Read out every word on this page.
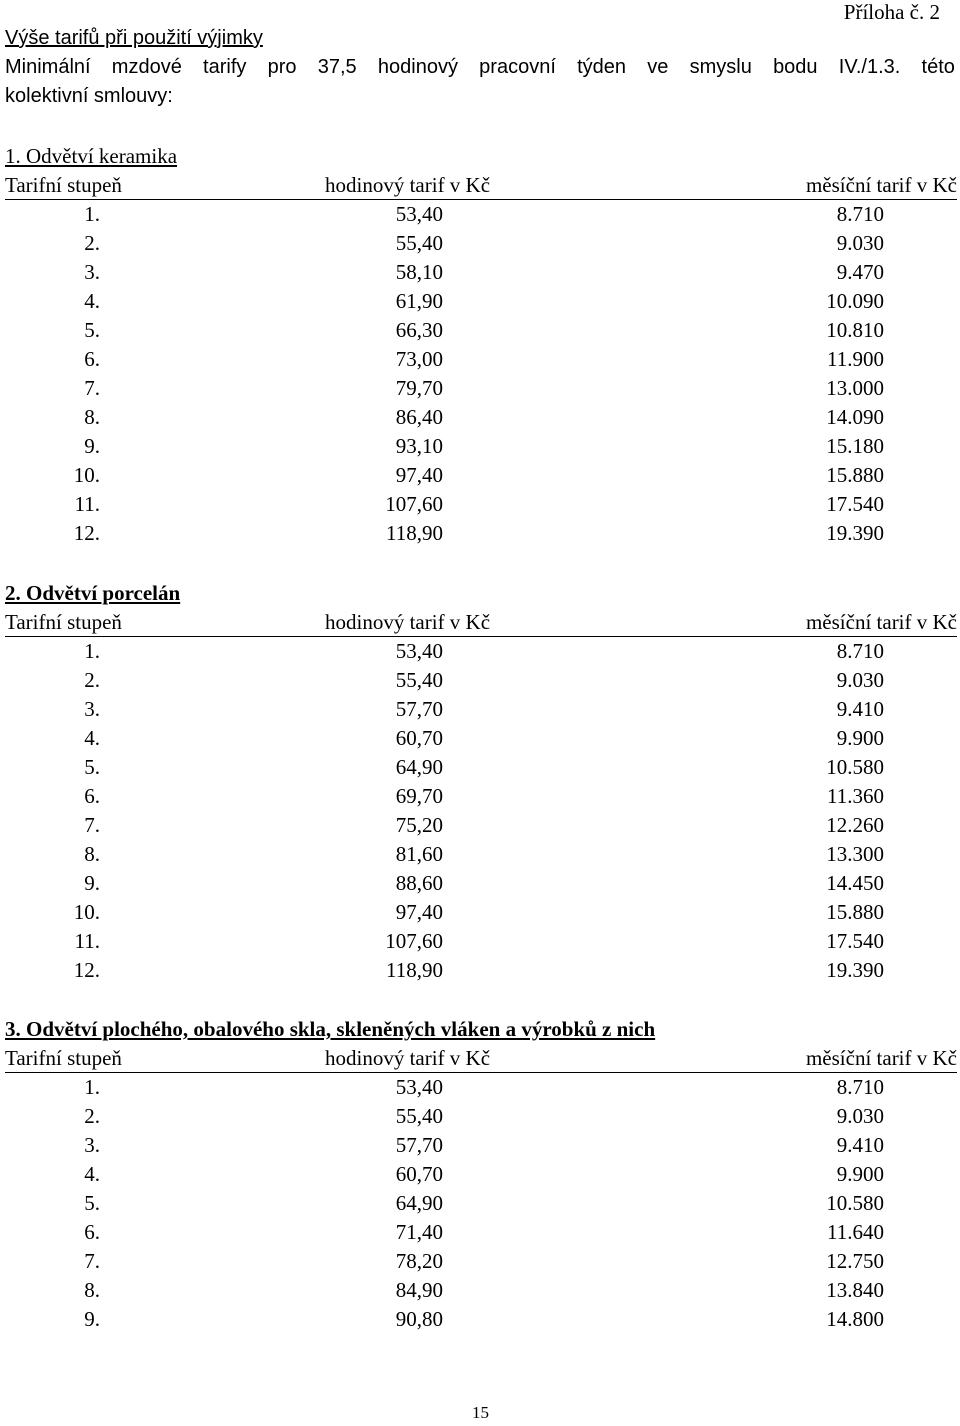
Příloha č. 2
Výše tarifů při použití výjimky
Minimální mzdové tarify pro 37,5 hodinový pracovní týden ve smyslu bodu IV./1.3. této
kolektivní smlouvy:
1. Odvětví keramika
Tarifní stupeň	hodinový tarif v Kč	měsíční tarif v Kč
1.	53,40	8.710
2.	55,40	9.030
3.	58,10	9.470
4.	61,90	10.090
5.	66,30	10.810
6.	73,00	11.900
7.	79,70	13.000
8.	86,40	14.090
9.	93,10	15.180
10.	97,40	15.880
11.	107,60	17.540
12.	118,90	19.390
2. Odvětví porcelán
Tarifní stupeň	hodinový tarif v Kč	měsíční tarif v Kč
1.	53,40	8.710
2.	55,40	9.030
3.	57,70	9.410
4.	60,70	9.900
5.	64,90	10.580
6.	69,70	11.360
7.	75,20	12.260
8.	81,60	13.300
9.	88,60	14.450
10.	97,40	15.880
11.	107,60	17.540
12.	118,90	19.390
3. Odvětví plochého, obalového skla, skleněných vláken a výrobků z nich
Tarifní stupeň	hodinový tarif v Kč	měsíční tarif v Kč
1.	53,40	8.710
2.	55,40	9.030
3.	57,70	9.410
4.	60,70	9.900
5.	64,90	10.580
6.	71,40	11.640
7.	78,20	12.750
8.	84,90	13.840
9.	90,80	14.800
15
